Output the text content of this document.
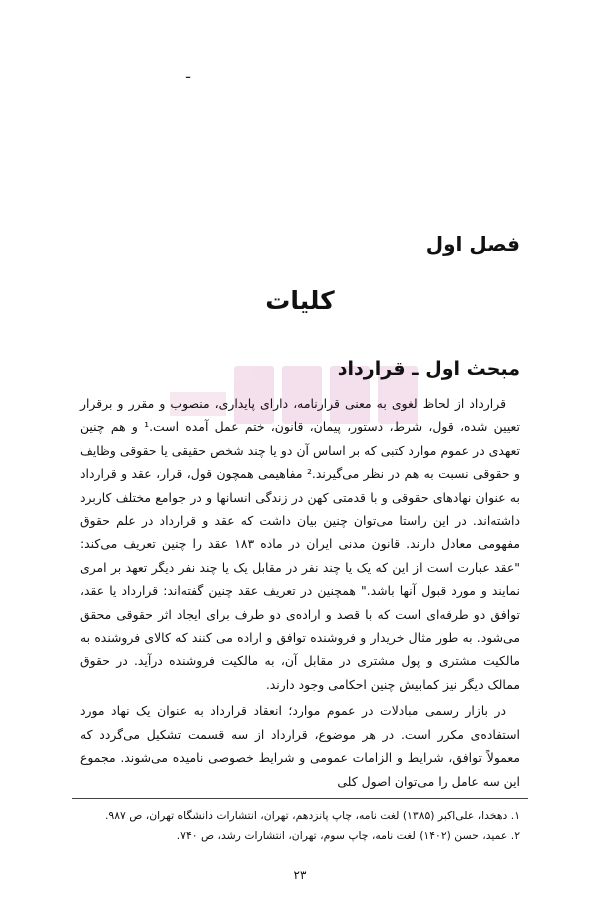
ـ
فصل اول
کلیات
مبحث اول ـ قرارداد

قرارداد از لحاظ لغوی به معنی قرارنامه، دارای پایداری، منصوب و مقرر و برقرار تعیین شده، قول، شرط، دستور، پیمان، قانون، ختم عمل آمده است.¹ و هم چنین تعهدی در عموم موارد کتبی که بر اساس آن دو یا چند شخص حقیقی یا حقوقی وظایف و حقوقی نسبت به هم در نظر می‌گیرند.² مفاهیمی همچون قول، قرار، عقد و قرارداد به عنوان نهادهای حقوقی و با قدمتی کهن در زندگی انسانها و در جوامع مختلف کاربرد داشته‌اند. در این راستا می‌توان چنین بیان داشت که عقد و قرارداد در علم حقوق مفهومی معادل دارند. قانون مدنی ایران در ماده ۱۸۳ عقد را چنین تعریف می‌کند: "عقد عبارت است از این که یک یا چند نفر در مقابل یک یا چند نفر دیگر تعهد بر امری نمایند و مورد قبول آنها باشد." همچنین در تعریف عقد چنین گفته‌اند: قرارداد یا عقد، توافق دو طرفه‌ای است که با قصد و اراده‌ی دو طرف برای ایجاد اثر حقوقی محقق می‌شود. به طور مثال خریدار و فروشنده توافق و اراده می کنند که کالای فروشنده به مالکیت مشتری و پول مشتری در مقابل آن، به مالکیت فروشنده درآید. در حقوق ممالک دیگر نیز کمابیش چنین احکامی وجود دارند.

در بازار رسمی مبادلات در عموم موارد؛ انعقاد قرارداد به عنوان یک نهاد مورد استفاده‌ی مکرر است. در هر موضوع، قرارداد از سه قسمت تشکیل می‌گردد که معمولاً توافق، شرایط و الزامات عمومی و شرایط خصوصی نامیده می‌شوند. مجموع این سه عامل را می‌توان اصول کلی

۱. دهخدا، علی‌اکبر (۱۳۸۵) لغت نامه، چاپ پانزدهم، تهران، انتشارات دانشگاه تهران، ص ۹۸۷.
۲. عمید، حسن (۱۴۰۲) لغت نامه، چاپ سوم، تهران، انتشارات رشد، ص ۷۴۰.
۲۳
